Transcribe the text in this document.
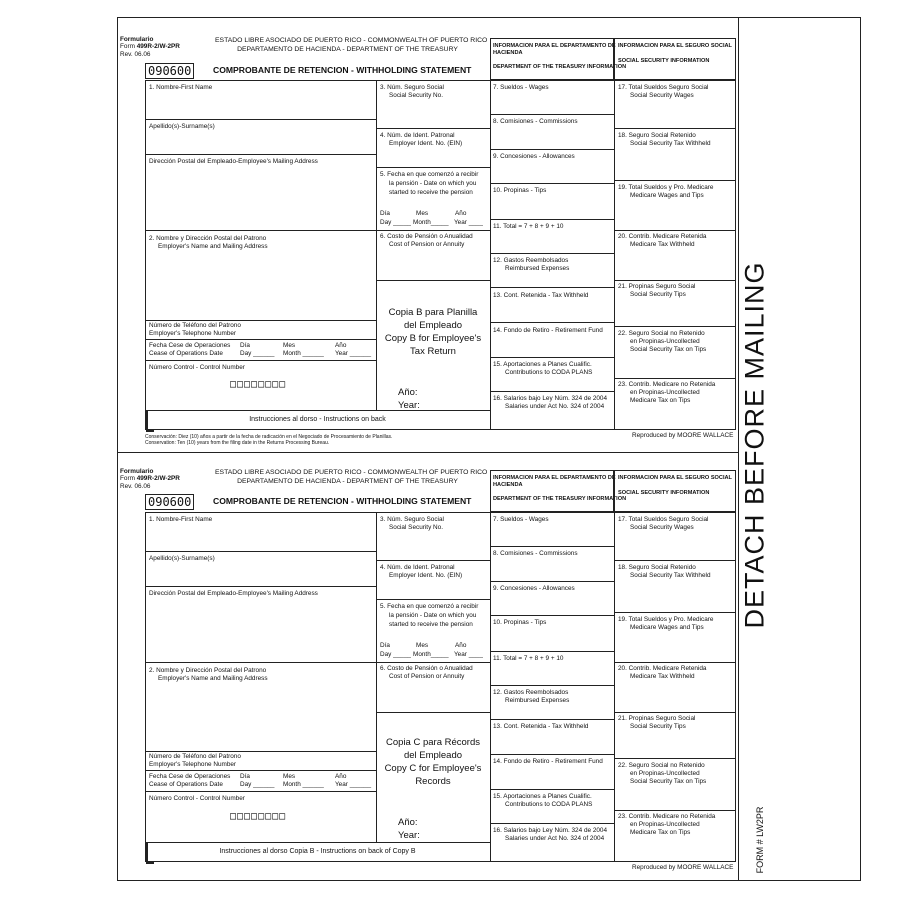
Formulario
Form 499R-2/W-2PR
Rev. 06.06
ESTADO LIBRE ASOCIADO DE PUERTO RICO - COMMONWEALTH OF PUERTO RICO
DEPARTAMENTO DE HACIENDA - DEPARTMENT OF THE TREASURY
090600	COMPROBANTE DE RETENCION - WITHHOLDING STATEMENT
INFORMACION PARA EL DEPARTAMENTO DE
HACIENDA
DEPARTMENT OF THE TREASURY INFORMATION
INFORMACION PARA EL SEGURO SOCIAL
SOCIAL SECURITY INFORMATION
1. Nombre-First Name
Apellido(s)-Surname(s)
Dirección Postal del Empleado-Employee's Mailing Address
2. Nombre y Dirección Postal del Patrono
Employer's Name and Mailing Address
Número de Teléfono del Patrono
Employer's Telephone Number
Fecha Cese de Operaciones
Cease of Operations Date
Día	Mes	Año
Day ______ Month ______ Year ______
Número Control - Control Number
□□□□□□□□
Instrucciones al dorso - Instructions on back
3. Núm. Seguro Social
Social Security No.
4. Núm. de Ident. Patronal
Employer Ident. No. (EIN)
5. Fecha en que comenzó a recibir
la pensión - Date on which you
started to receive the pension
Día	Mes	Año
Day _____ Month_____ Year ____
6. Costo de Pensión o Anualidad
Cost of Pension or Annuity
Copia B para Planilla
del Empleado
Copy B for Employee's
Tax Return
Año:
Year:
7. Sueldos - Wages
8. Comisiones - Commissions
9. Concesiones - Allowances
10. Propinas - Tips
11. Total = 7 + 8 + 9 + 10
12. Gastos Reembolsados
Reimbursed Expenses
13. Cont. Retenida - Tax Withheld
14. Fondo de Retiro - Retirement Fund
15. Aportaciones a Planes Cualific.
Contributions to CODA PLANS
16. Salarios bajo Ley Núm. 324 de 2004
Salaries under Act No. 324 of 2004
17. Total Sueldos Seguro Social
Social Security Wages
18. Seguro Social Retenido
Social Security Tax Withheld
19. Total Sueldos y Pro. Medicare
Medicare Wages and Tips
20. Contrib. Medicare Retenida
Medicare Tax Withheld
21. Propinas Seguro Social
Social Security Tips
22. Seguro Social no Retenido
en Propinas-Uncollected
Social Security Tax on Tips
23. Contrib. Medicare no Retenida
en Propinas-Uncollected
Medicare Tax on Tips
Reproduced by MOORE WALLACE
Conservación: Diez (10) años a partir de la fecha de radicación en el Negociado de Procesamiento de Planillas.
Conservation: Ten (10) years from the filing date in the Returns Processing Bureau.
Formulario
Form 499R-2/W-2PR
Rev. 06.06
ESTADO LIBRE ASOCIADO DE PUERTO RICO - COMMONWEALTH OF PUERTO RICO
DEPARTAMENTO DE HACIENDA - DEPARTMENT OF THE TREASURY
090600	COMPROBANTE DE RETENCION - WITHHOLDING STATEMENT
INFORMACION PARA EL DEPARTAMENTO DE
HACIENDA
DEPARTMENT OF THE TREASURY INFORMATION
INFORMACION PARA EL SEGURO SOCIAL
SOCIAL SECURITY INFORMATION
1. Nombre-First Name
Apellido(s)-Surname(s)
Dirección Postal del Empleado-Employee's Mailing Address
2. Nombre y Dirección Postal del Patrono
Employer's Name and Mailing Address
Número de Teléfono del Patrono
Employer's Telephone Number
Fecha Cese de Operaciones
Cease of Operations Date
Día	Mes	Año
Day ______ Month ______ Year ______
Número Control - Control Number
□□□□□□□□
Instrucciones al dorso Copia B - Instructions on back of Copy B
3. Núm. Seguro Social
Social Security No.
4. Núm. de Ident. Patronal
Employer Ident. No. (EIN)
5. Fecha en que comenzó a recibir
la pensión - Date on which you
started to receive the pension
Día	Mes	Año
Day _____ Month_____ Year ____
6. Costo de Pensión o Anualidad
Cost of Pension or Annuity
Copia C para Récords
del Empleado
Copy C for Employee's
Records
Año:
Year:
7. Sueldos - Wages
8. Comisiones - Commissions
9. Concesiones - Allowances
10. Propinas - Tips
11. Total = 7 + 8 + 9 + 10
12. Gastos Reembolsados
Reimbursed Expenses
13. Cont. Retenida - Tax Withheld
14. Fondo de Retiro - Retirement Fund
15. Aportaciones a Planes Cualific.
Contributions to CODA PLANS
16. Salarios bajo Ley Núm. 324 de 2004
Salaries under Act No. 324 of 2004
17. Total Sueldos Seguro Social
Social Security Wages
18. Seguro Social Retenido
Social Security Tax Withheld
19. Total Sueldos y Pro. Medicare
Medicare Wages and Tips
20. Contrib. Medicare Retenida
Medicare Tax Withheld
21. Propinas Seguro Social
Social Security Tips
22. Seguro Social no Retenido
en Propinas-Uncollected
Social Security Tax on Tips
23. Contrib. Medicare no Retenida
en Propinas-Uncollected
Medicare Tax on Tips
Reproduced by MOORE WALLACE
DETACH BEFORE MAILING
FORM # LW2PR
